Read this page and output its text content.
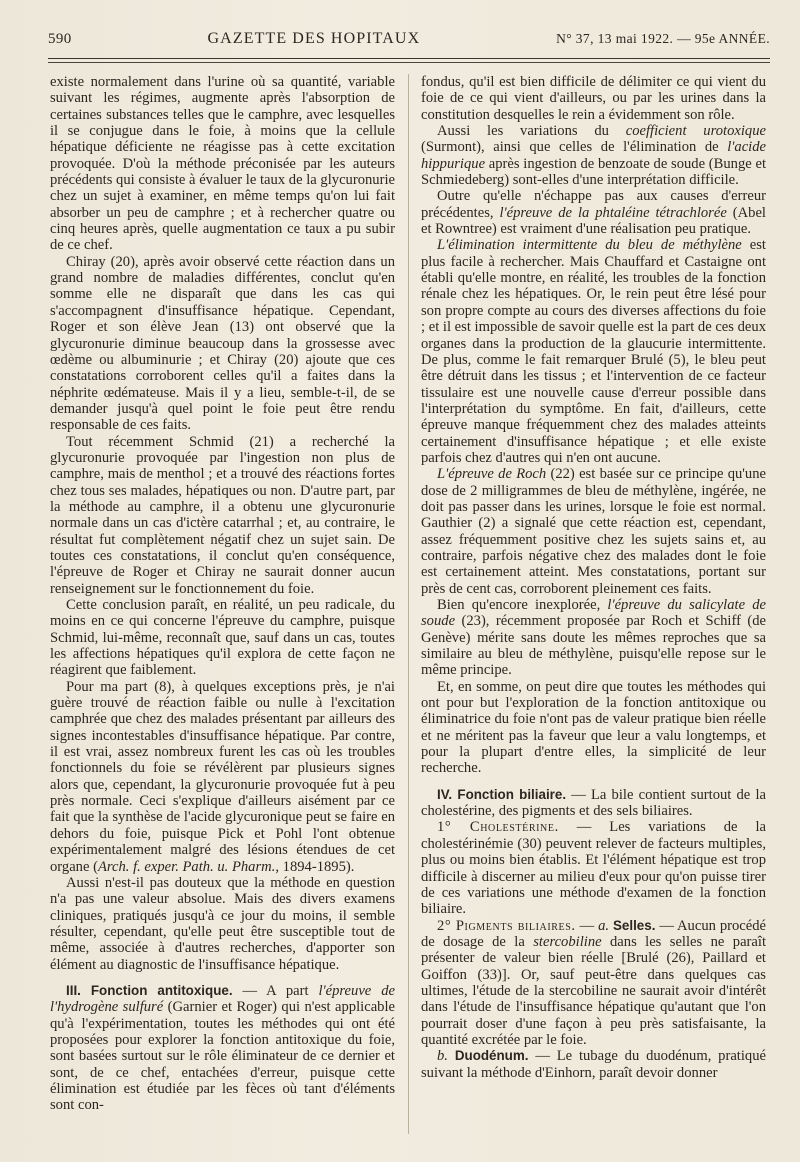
590	GAZETTE DES HOPITAUX	N° 37, 13 mai 1922. — 95e ANNÉE.

existe normalement dans l'urine où sa quantité, variable suivant les régimes, augmente après l'absorption de certaines substances telles que le camphre, avec lesquelles il se conjugue dans le foie, à moins que la cellule hépatique déficiente ne réagisse pas à cette excitation provoquée. D'où la méthode préconisée par les auteurs précédents qui consiste à évaluer le taux de la glycuronurie chez un sujet à examiner, en même temps qu'on lui fait absorber un peu de camphre ; et à rechercher quatre ou cinq heures après, quelle augmentation ce taux a pu subir de ce chef.

Chiray (20), après avoir observé cette réaction dans un grand nombre de maladies différentes, conclut qu'en somme elle ne disparaît que dans les cas qui s'accompagnent d'insuffisance hépatique. Cependant, Roger et son élève Jean (13) ont observé que la glycuronurie diminue beaucoup dans la grossesse avec œdème ou albuminurie ; et Chiray (20) ajoute que ces constatations corroborent celles qu'il a faites dans la néphrite œdémateuse. Mais il y a lieu, semble-t-il, de se demander jusqu'à quel point le foie peut être rendu responsable de ces faits.

Tout récemment Schmid (21) a recherché la glycuronurie provoquée par l'ingestion non plus de camphre, mais de menthol ; et a trouvé des réactions fortes chez tous ses malades, hépatiques ou non. D'autre part, par la méthode au camphre, il a obtenu une glycuronurie normale dans un cas d'ictère catarrhal ; et, au contraire, le résultat fut complètement négatif chez un sujet sain. De toutes ces constatations, il conclut qu'en conséquence, l'épreuve de Roger et Chiray ne saurait donner aucun renseignement sur le fonctionnement du foie.

Cette conclusion paraît, en réalité, un peu radicale, du moins en ce qui concerne l'épreuve du camphre, puisque Schmid, lui-même, reconnaît que, sauf dans un cas, toutes les affections hépatiques qu'il explora de cette façon ne réagirent que faiblement.

Pour ma part (8), à quelques exceptions près, je n'ai guère trouvé de réaction faible ou nulle à l'excitation camphrée que chez des malades présentant par ailleurs des signes incontestables d'insuffisance hépatique. Par contre, il est vrai, assez nombreux furent les cas où les troubles fonctionnels du foie se révélèrent par plusieurs signes alors que, cependant, la glycuronurie provoquée fut à peu près normale. Ceci s'explique d'ailleurs aisément par ce fait que la synthèse de l'acide glycuronique peut se faire en dehors du foie, puisque Pick et Pohl l'ont obtenue expérimentalement malgré des lésions étendues de cet organe (Arch. f. exper. Path. u. Pharm., 1894-1895).

Aussi n'est-il pas douteux que la méthode en question n'a pas une valeur absolue. Mais des divers examens cliniques, pratiqués jusqu'à ce jour du moins, il semble résulter, cependant, qu'elle peut être susceptible tout de même, associée à d'autres recherches, d'apporter son élément au diagnostic de l'insuffisance hépatique.

III. Fonction antitoxique. — A part l'épreuve de l'hydrogène sulfuré (Garnier et Roger) qui n'est applicable qu'à l'expérimentation, toutes les méthodes qui ont été proposées pour explorer la fonction antitoxique du foie, sont basées surtout sur le rôle éliminateur de ce dernier et sont, de ce chef, entachées d'erreur, puisque cette élimination est étudiée par les fèces où tant d'éléments sont con-

fondus, qu'il est bien difficile de délimiter ce qui vient du foie de ce qui vient d'ailleurs, ou par les urines dans la constitution desquelles le rein a évidemment son rôle.

Aussi les variations du coefficient urotoxique (Surmont), ainsi que celles de l'élimination de l'acide hippurique après ingestion de benzoate de soude (Bunge et Schmiedeberg) sont-elles d'une interprétation difficile.

Outre qu'elle n'échappe pas aux causes d'erreur précédentes, l'épreuve de la phtaléine tétrachlorée (Abel et Rowntree) est vraiment d'une réalisation peu pratique.

L'élimination intermittente du bleu de méthylène est plus facile à rechercher. Mais Chauffard et Castaigne ont établi qu'elle montre, en réalité, les troubles de la fonction rénale chez les hépatiques. Or, le rein peut être lésé pour son propre compte au cours des diverses affections du foie ; et il est impossible de savoir quelle est la part de ces deux organes dans la production de la glaucurie intermittente. De plus, comme le fait remarquer Brulé (5), le bleu peut être détruit dans les tissus ; et l'intervention de ce facteur tissulaire est une nouvelle cause d'erreur possible dans l'interprétation du symptôme. En fait, d'ailleurs, cette épreuve manque fréquemment chez des malades atteints certainement d'insuffisance hépatique ; et elle existe parfois chez d'autres qui n'en ont aucune.

L'épreuve de Roch (22) est basée sur ce principe qu'une dose de 2 milligrammes de bleu de méthylène, ingérée, ne doit pas passer dans les urines, lorsque le foie est normal. Gauthier (2) a signalé que cette réaction est, cependant, assez fréquemment positive chez les sujets sains et, au contraire, parfois négative chez des malades dont le foie est certainement atteint. Mes constatations, portant sur près de cent cas, corroborent pleinement ces faits.

Bien qu'encore inexplorée, l'épreuve du salicylate de soude (23), récemment proposée par Roch et Schiff (de Genève) mérite sans doute les mêmes reproches que sa similaire au bleu de méthylène, puisqu'elle repose sur le même principe.

Et, en somme, on peut dire que toutes les méthodes qui ont pour but l'exploration de la fonction antitoxique ou éliminatrice du foie n'ont pas de valeur pratique bien réelle et ne méritent pas la faveur que leur a valu longtemps, et pour la plupart d'entre elles, la simplicité de leur recherche.

IV. Fonction biliaire. — La bile contient surtout de la cholestérine, des pigments et des sels biliaires.

1° Cholestérine. — Les variations de la cholestérinémie (30) peuvent relever de facteurs multiples, plus ou moins bien établis. Et l'élément hépatique est trop difficile à discerner au milieu d'eux pour qu'on puisse tirer de ces variations une méthode d'examen de la fonction biliaire.

2° Pigments biliaires. — a. Selles. — Aucun procédé de dosage de la stercobiline dans les selles ne paraît présenter de valeur bien réelle [Brulé (26), Paillard et Goiffon (33)]. Or, sauf peut-être dans quelques cas ultimes, l'étude de la stercobiline ne saurait avoir d'intérêt dans l'étude de l'insuffisance hépatique qu'autant que l'on pourrait doser d'une façon à peu près satisfaisante, la quantité excrétée par le foie.

b. Duodénum. — Le tubage du duodénum, pratiqué suivant la méthode d'Einhorn, paraît devoir donner
